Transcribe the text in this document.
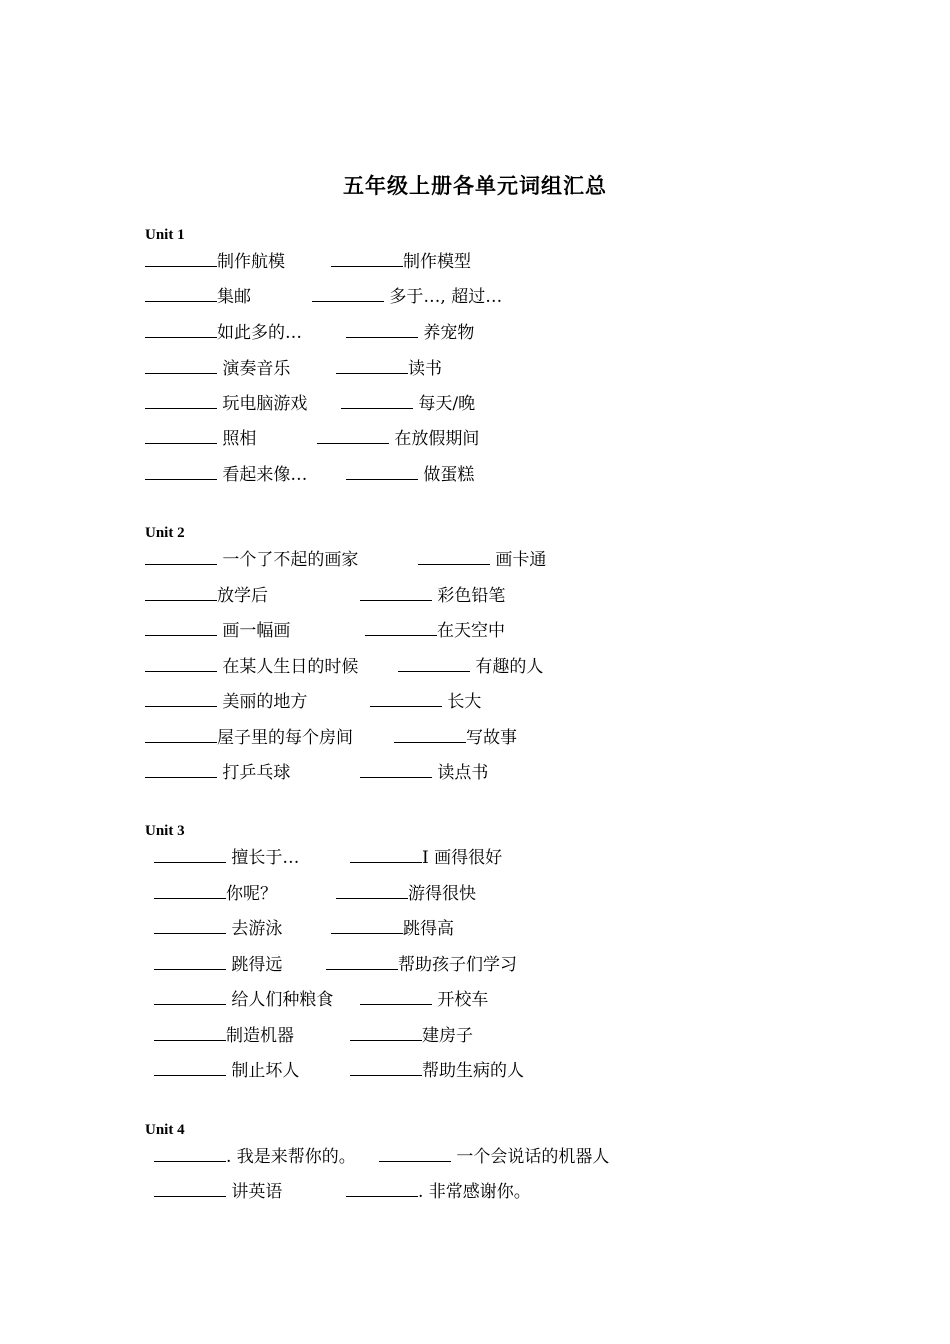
五年级上册各单元词组汇总
Unit 1
制作航模	制作模型
集邮	多于…, 超过…
如此多的…	养宠物
演奏音乐	读书
玩电脑游戏	每天/晚
照相	在放假期间
看起来像…	做蛋糕
Unit 2
一个了不起的画家	画卡通
放学后	彩色铅笔
画一幅画	在天空中
在某人生日的时候	有趣的人
美丽的地方	长大
屋子里的每个房间	写故事
打乒乓球	读点书
Unit 3
擅长于…	I 画得很好
你呢？	游得很快
去游泳	跳得高
跳得远	帮助孩子们学习
给人们种粮食	开校车
制造机器	建房子
制止坏人	帮助生病的人
Unit 4
. 我是来帮你的。	一个会说话的机器人
讲英语	. 非常感谢你。
